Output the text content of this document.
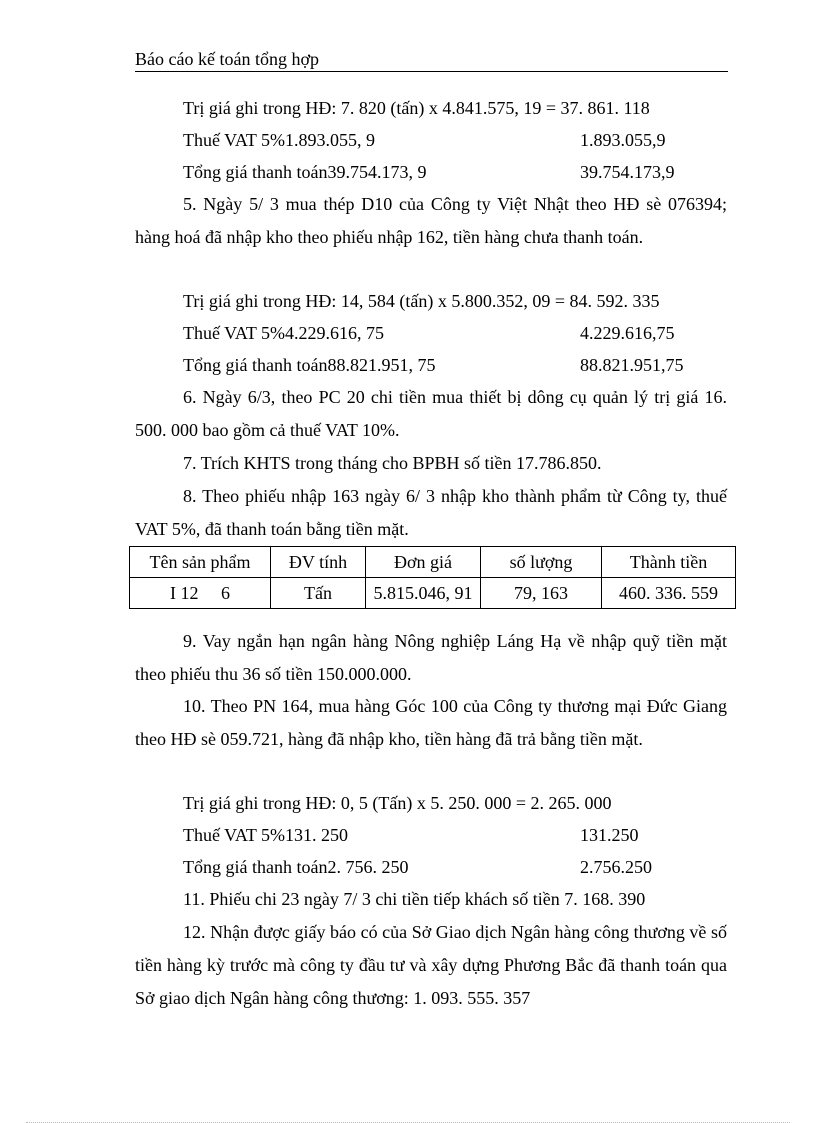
Báo cáo kế toán tổng hợp
Trị giá ghi trong HĐ: 7. 820 (tấn) x 4.841.575, 19 = 37. 861. 118
Thuế VAT 5%1.893.055, 9	1.893.055,9
Tổng giá thanh toán39.754.173, 9	39.754.173,9
5. Ngày 5/ 3 mua thép D10 của Công ty Việt Nhật theo HĐ sè 076394; hàng hoá đã nhập kho theo phiếu nhập 162, tiền hàng chưa thanh toán.
Trị giá ghi trong HĐ: 14, 584 (tấn) x 5.800.352, 09 = 84. 592. 335
Thuế VAT 5%4.229.616, 75	4.229.616,75
Tổng giá thanh toán88.821.951, 75	88.821.951,75
6. Ngày 6/3, theo PC 20 chi tiền mua thiết bị dông cụ quản lý trị giá 16. 500. 000 bao gồm cả thuế VAT 10%.
7. Trích KHTS trong tháng cho BPBH số tiền 17.786.850.
8. Theo phiếu nhập 163 ngày 6/ 3 nhập kho thành phẩm từ Công ty, thuế VAT 5%, đã thanh toán bằng tiền mặt.
Tên sản phẩm	ĐV tính	Đơn giá	số lượng	Thành tiền
I 12     6	Tấn	5.815.046, 91	79, 163	460. 336. 559
9. Vay ngắn hạn ngân hàng Nông nghiệp Láng Hạ về nhập quỹ tiền mặt theo phiếu thu 36 số tiền 150.000.000.
10. Theo PN 164, mua hàng Góc 100 của Công ty thương mại Đức Giang theo HĐ sè 059.721, hàng đã nhập kho, tiền hàng đã trả bằng tiền mặt.
Trị giá ghi trong HĐ: 0, 5 (Tấn) x 5. 250. 000 = 2. 265. 000
Thuế VAT 5%131. 250	131.250
Tổng giá thanh toán2. 756. 250	2.756.250
11. Phiếu chi 23 ngày 7/ 3 chi tiền tiếp khách số tiền 7. 168. 390
12. Nhận được giấy báo có của Sở Giao dịch Ngân hàng công thương về số tiền hàng kỳ trước mà công ty đầu tư và xây dựng Phương Bắc đã thanh toán qua Sở giao dịch Ngân hàng công thương: 1. 093. 555. 357
